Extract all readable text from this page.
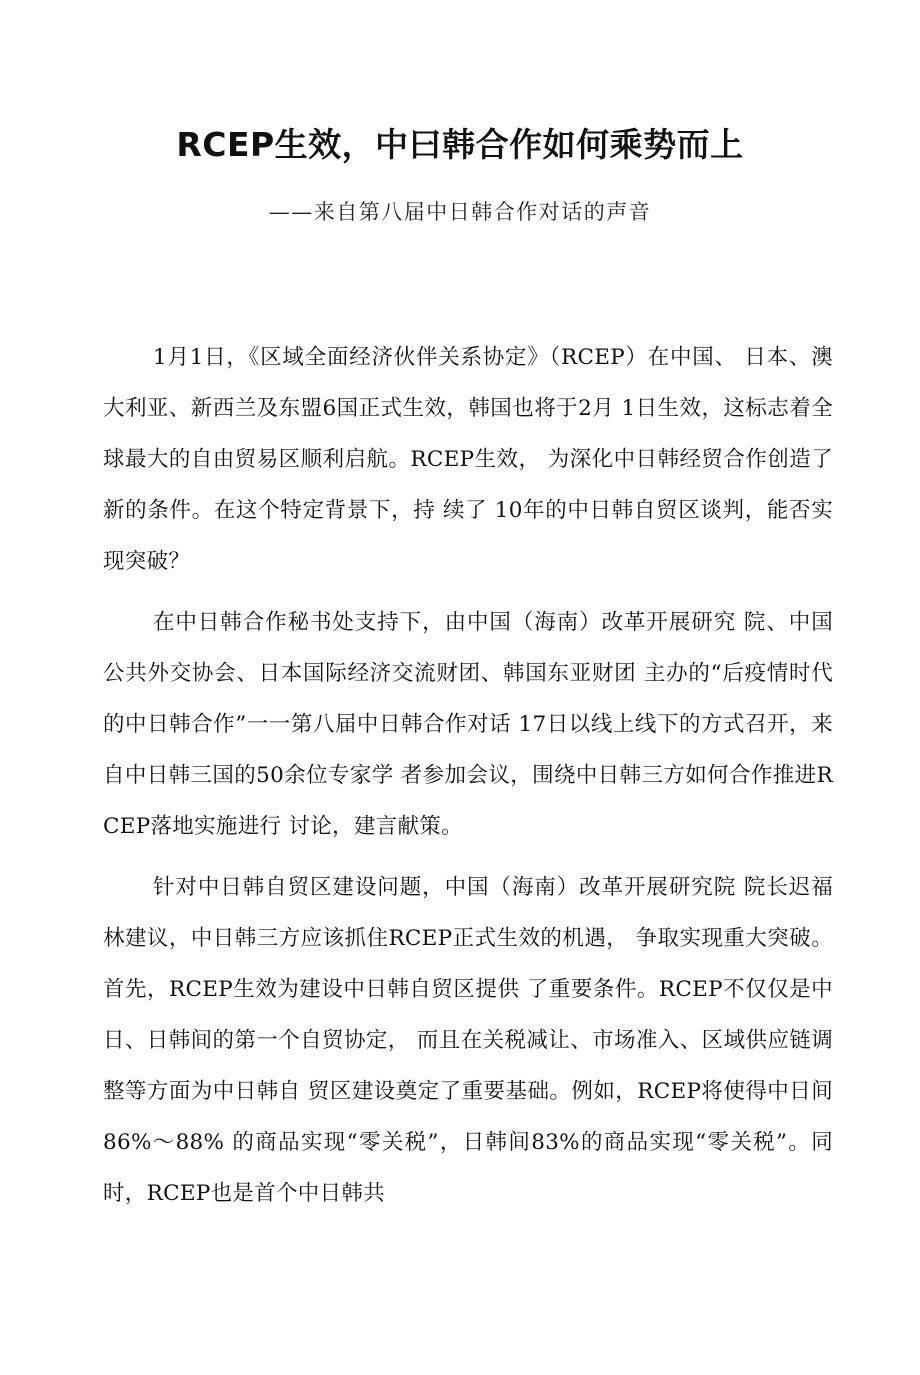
RCEP生效，中曰韩合作如何乘势而上

——来自第八届中日韩合作对话的声音

1月1日，《区域全面经济伙伴关系协定》（RCEP）在中国、 日本、澳大利亚、新西兰及东盟6国正式生效，韩国也将于2月 1日生效，这标志着全球最大的自由贸易区顺利启航。RCEP生效， 为深化中日韩经贸合作创造了新的条件。在这个特定背景下，持 续了 10年的中日韩自贸区谈判，能否实现突破？

在中日韩合作秘书处支持下，由中国（海南）改革开展研究 院、中国公共外交协会、日本国际经济交流财团、韩国东亚财团 主办的“后疫情时代的中日韩合作”一一第八届中日韩合作对话 17日以线上线下的方式召开，来自中日韩三国的50余位专家学 者参加会议，围绕中日韩三方如何合作推进RCEP落地实施进行 讨论，建言献策。

针对中日韩自贸区建设问题，中国（海南）改革开展研究院 院长迟福林建议，中日韩三方应该抓住RCEP正式生效的机遇， 争取实现重大突破。首先，RCEP生效为建设中日韩自贸区提供 了重要条件。RCEP不仅仅是中日、日韩间的第一个自贸协定， 而且在关税减让、市场准入、区域供应链调整等方面为中日韩自 贸区建设奠定了重要基础。例如，RCEP将使得中日间86%〜88% 的商品实现“零关税”，日韩间83%的商品实现“零关税”。同 时，RCEP也是首个中日韩共
